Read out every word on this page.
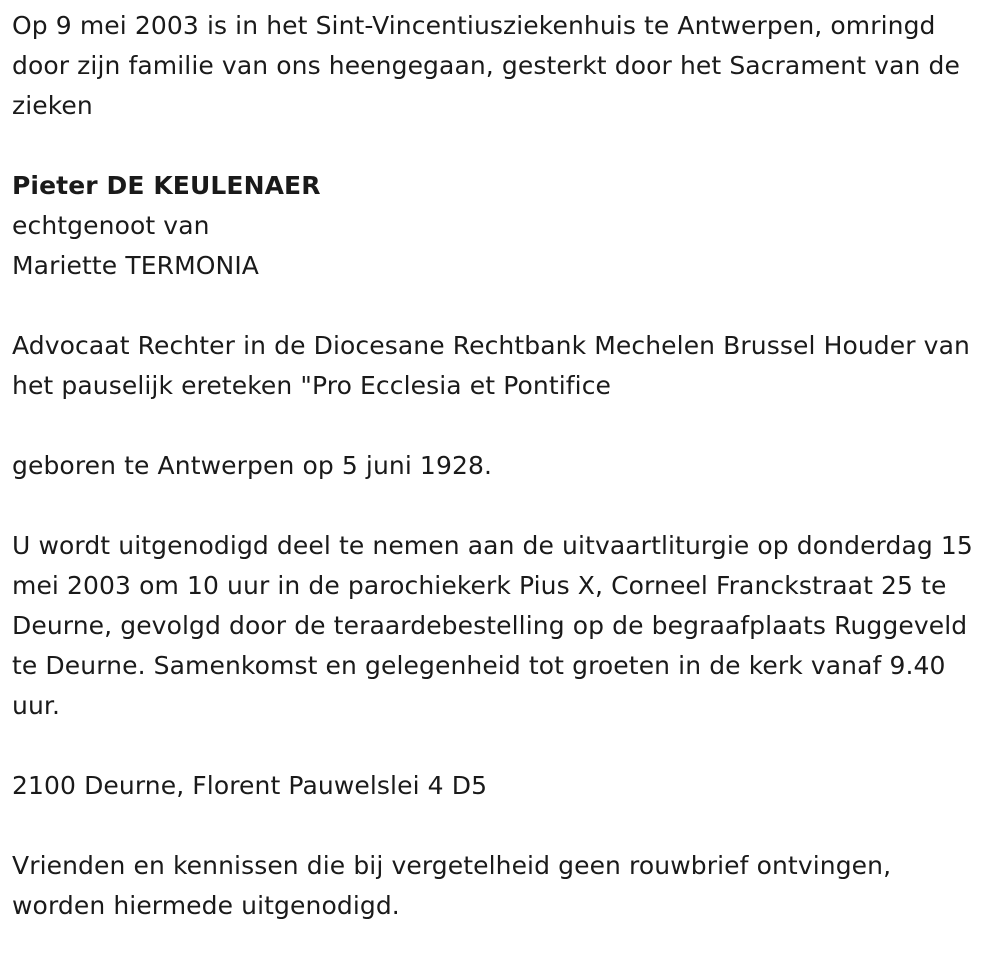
Op 9 mei 2003 is in het Sint-Vincentiusziekenhuis te Antwerpen, omringd door zijn familie van ons heengegaan, gesterkt door het Sacrament van de zieken

Pieter DE KEULENAER

echtgenoot van

Mariette TERMONIA

Advocaat Rechter in de Diocesane Rechtbank Mechelen Brussel Houder van het pauselijk ereteken "Pro Ecclesia et Pontifice

geboren te Antwerpen op 5 juni 1928.

U wordt uitgenodigd deel te nemen aan de uitvaartliturgie op donderdag 15 mei 2003 om 10 uur in de parochiekerk Pius X, Corneel Franckstraat 25 te Deurne, gevolgd door de teraardebestelling op de begraafplaats Ruggeveld te Deurne. Samenkomst en gelegenheid tot groeten in de kerk vanaf 9.40 uur.

2100 Deurne, Florent Pauwelslei 4 D5

Vrienden en kennissen die bij vergetelheid geen rouwbrief ontvingen, worden hiermede uitgenodigd.
